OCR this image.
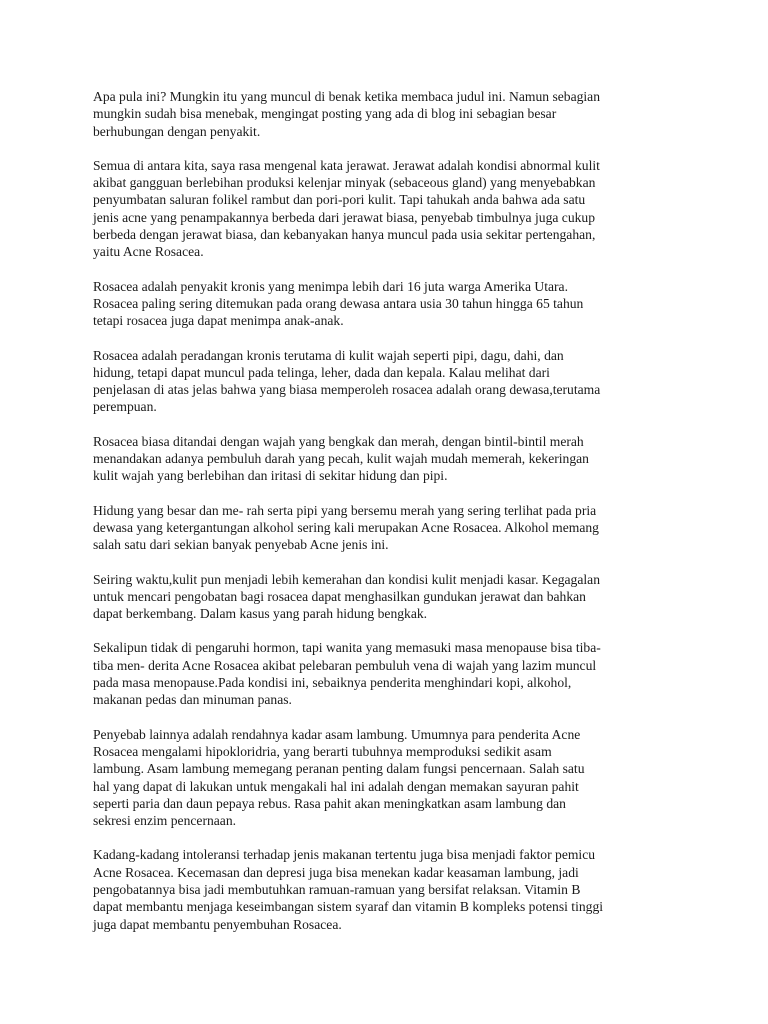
Apa pula ini? Mungkin itu yang muncul di benak ketika membaca judul ini. Namun sebagian
mungkin sudah bisa menebak, mengingat posting yang ada di blog ini sebagian besar
berhubungan dengan penyakit.

Semua di antara kita, saya rasa mengenal kata jerawat. Jerawat adalah kondisi abnormal kulit
akibat gangguan berlebihan produksi kelenjar minyak (sebaceous gland) yang menyebabkan
penyumbatan saluran folikel rambut dan pori-pori kulit. Tapi tahukah anda bahwa ada satu
jenis acne yang penampakannya berbeda dari jerawat biasa, penyebab timbulnya juga cukup
berbeda dengan jerawat biasa, dan kebanyakan hanya muncul pada usia sekitar pertengahan,
yaitu Acne Rosacea.

Rosacea adalah penyakit kronis yang menimpa lebih dari 16 juta warga Amerika Utara.
Rosacea paling sering ditemukan pada orang dewasa antara usia 30 tahun hingga 65 tahun
tetapi rosacea juga dapat menimpa anak-anak.

Rosacea adalah peradangan kronis terutama di kulit wajah seperti pipi, dagu, dahi, dan
hidung, tetapi dapat muncul pada telinga, leher, dada dan kepala. Kalau melihat dari
penjelasan di atas jelas bahwa yang biasa memperoleh rosacea adalah orang dewasa,terutama
perempuan.

Rosacea biasa ditandai dengan wajah yang bengkak dan merah, dengan bintil-bintil merah
menandakan adanya pembuluh darah yang pecah, kulit wajah mudah memerah, kekeringan
kulit wajah yang berlebihan dan iritasi di sekitar hidung dan pipi.

Hidung yang besar dan me- rah serta pipi yang bersemu merah yang sering terlihat pada pria
dewasa yang ketergantungan alkohol sering kali merupakan Acne Rosacea. Alkohol memang
salah satu dari sekian banyak penyebab Acne jenis ini.

Seiring waktu,kulit pun menjadi lebih kemerahan dan kondisi kulit menjadi kasar. Kegagalan
untuk mencari pengobatan bagi rosacea dapat menghasilkan gundukan jerawat dan bahkan
dapat berkembang. Dalam kasus yang parah hidung bengkak.

Sekalipun tidak di pengaruhi hormon, tapi wanita yang memasuki masa menopause bisa tiba-
tiba men- derita Acne Rosacea akibat pelebaran pembuluh vena di wajah yang lazim muncul
pada masa menopause.Pada kondisi ini, sebaiknya penderita menghindari kopi, alkohol,
makanan pedas dan minuman panas.

Penyebab lainnya adalah rendahnya kadar asam lambung. Umumnya para penderita Acne
Rosacea mengalami hipokloridria, yang berarti tubuhnya memproduksi sedikit asam
lambung. Asam lambung memegang peranan penting dalam fungsi pencernaan. Salah satu
hal yang dapat di lakukan untuk mengakali hal ini adalah dengan memakan sayuran pahit
seperti paria dan daun pepaya rebus. Rasa pahit akan meningkatkan asam lambung dan
sekresi enzim pencernaan.

Kadang-kadang intoleransi terhadap jenis makanan tertentu juga bisa menjadi faktor pemicu
Acne Rosacea. Kecemasan dan depresi juga bisa menekan kadar keasaman lambung, jadi
pengobatannya bisa jadi membutuhkan ramuan-ramuan yang bersifat relaksan. Vitamin B
dapat membantu menjaga keseimbangan sistem syaraf dan vitamin B kompleks potensi tinggi
juga dapat membantu penyembuhan Rosacea.
